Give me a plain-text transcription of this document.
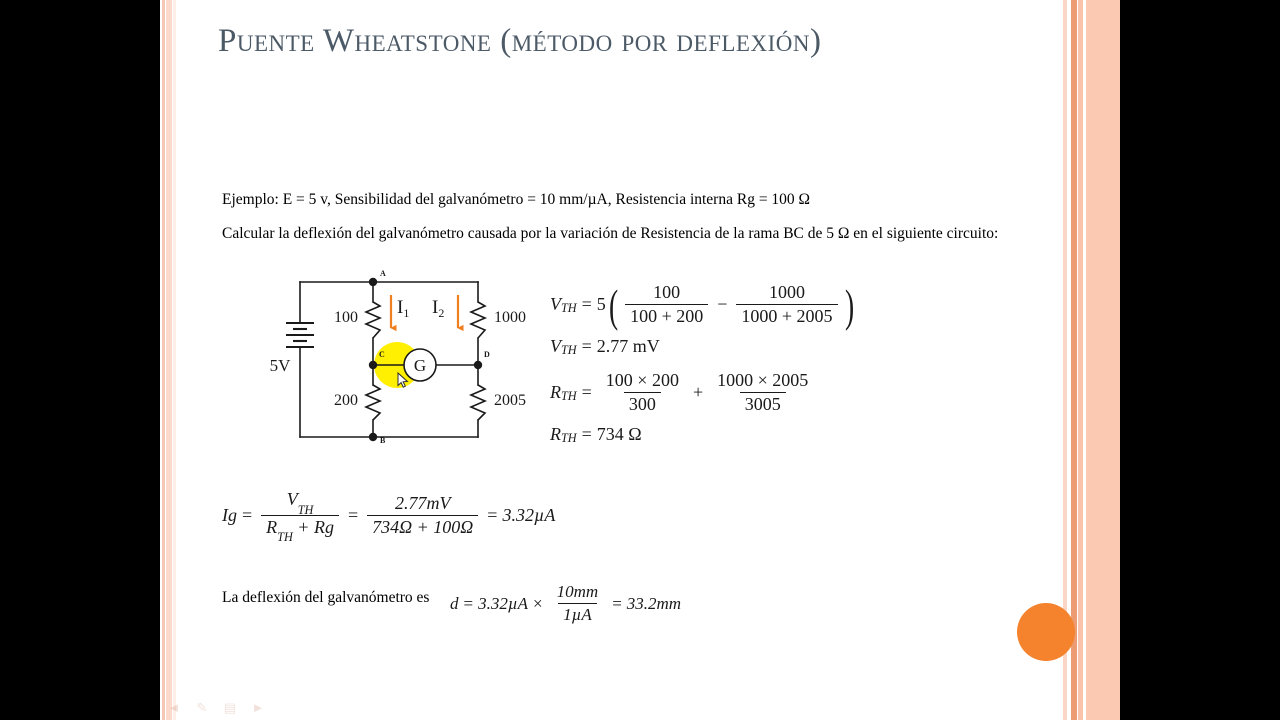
Puente Wheatstone (método por deflexión)
Ejemplo: E = 5 v, Sensibilidad del galvanómetro = 10 mm/µA, Resistencia interna Rg = 100 Ω
Calcular la deflexión del galvanómetro causada por la variación de Resistencia de la rama BC de 5 Ω en el siguiente circuito:
La deflexión del galvanómetro es
G
5V
100
200
1000
2005
A
B
C	D
$I_1$ $I_2$	V TH = 5 ( $\frac{100}{100 + 200} - \frac{1000}{1000 + 2005}$ )
V TH = 2.77 mV
R TH = $\frac{100 \times 200}{300} + \frac{1000 \times 2005}{3005}$
R TH = 734 Ω
$Ig = \frac{V_{TH}}{R_{TH} + Rg} = \frac{2.77mV}{734\Omega + 100\Omega} = 3.32\mu A$
$d = 3.32\mu A \times \frac{10mm}{\text{1µA}} = 33.2mm$
◄ ✎ ▤ ►
